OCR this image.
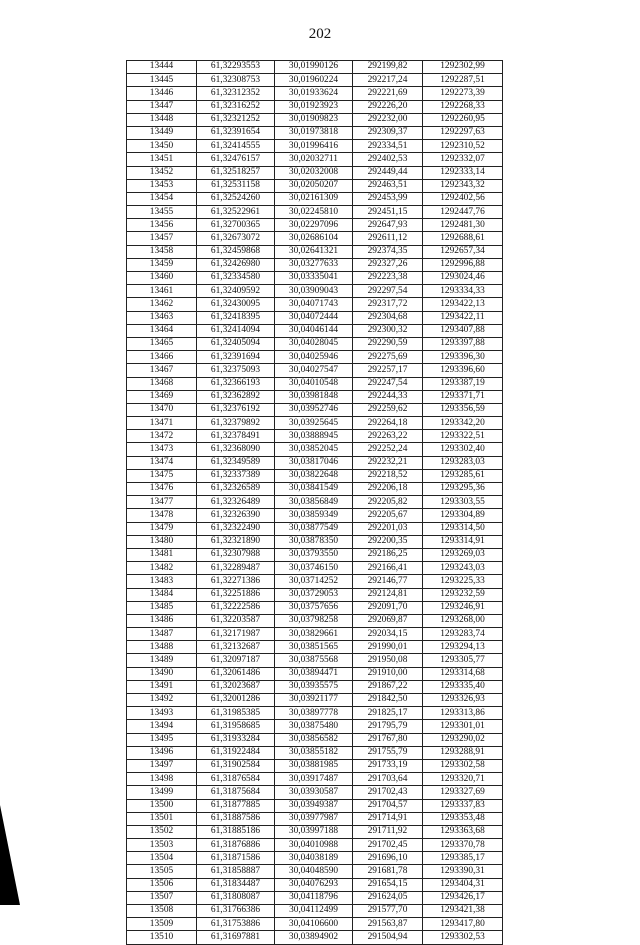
202
13444	61,32293553	30,01990126	292199,82	1292302,99
13445	61,32308753	30,01960224	292217,24	1292287,51
13446	61,32312352	30,01933624	292221,69	1292273,39
13447	61,32316252	30,01923923	292226,20	1292268,33
13448	61,32321252	30,01909823	292232,00	1292260,95
13449	61,32391654	30,01973818	292309,37	1292297,63
13450	61,32414555	30,01996416	292334,51	1292310,52
13451	61,32476157	30,02032711	292402,53	1292332,07
13452	61,32518257	30,02032008	292449,44	1292333,14
13453	61,32531158	30,02050207	292463,51	1292343,32
13454	61,32524260	30,02161309	292453,99	1292402,56
13455	61,32522961	30,02245810	292451,15	1292447,76
13456	61,32700365	30,02297096	292647,93	1292481,30
13457	61,32673072	30,02686104	292611,12	1292688,61
13458	61,32459868	30,02641321	292374,35	1292657,34
13459	61,32426980	30,03277633	292327,26	1292996,88
13460	61,32334580	30,03335041	292223,38	1293024,46
13461	61,32409592	30,03909043	292297,54	1293334,33
13462	61,32430095	30,04071743	292317,72	1293422,13
13463	61,32418395	30,04072444	292304,68	1293422,11
13464	61,32414094	30,04046144	292300,32	1293407,88
13465	61,32405094	30,04028045	292290,59	1293397,88
13466	61,32391694	30,04025946	292275,69	1293396,30
13467	61,32375093	30,04027547	292257,17	1293396,60
13468	61,32366193	30,04010548	292247,54	1293387,19
13469	61,32362892	30,03981848	292244,33	1293371,71
13470	61,32376192	30,03952746	292259,62	1293356,59
13471	61,32379892	30,03925645	292264,18	1293342,20
13472	61,32378491	30,03888945	292263,22	1293322,51
13473	61,32368090	30,03852045	292252,24	1293302,40
13474	61,32349589	30,03817046	292232,21	1293283,03
13475	61,32337389	30,03822648	292218,52	1293285,61
13476	61,32326589	30,03841549	292206,18	1293295,36
13477	61,32326489	30,03856849	292205,82	1293303,55
13478	61,32326390	30,03859349	292205,67	1293304,89
13479	61,32322490	30,03877549	292201,03	1293314,50
13480	61,32321890	30,03878350	292200,35	1293314,91
13481	61,32307988	30,03793550	292186,25	1293269,03
13482	61,32289487	30,03746150	292166,41	1293243,03
13483	61,32271386	30,03714252	292146,77	1293225,33
13484	61,32251886	30,03729053	292124,81	1293232,59
13485	61,32222586	30,03757656	292091,70	1293246,91
13486	61,32203587	30,03798258	292069,87	1293268,00
13487	61,32171987	30,03829661	292034,15	1293283,74
13488	61,32132687	30,03851565	291990,01	1293294,13
13489	61,32097187	30,03875568	291950,08	1293305,77
13490	61,32061486	30,03894471	291910,00	1293314,68
13491	61,32023687	30,03935575	291867,22	1293335,40
13492	61,32001286	30,03921177	291842,50	1293326,93
13493	61,31985385	30,03897778	291825,17	1293313,86
13494	61,31958685	30,03875480	291795,79	1293301,01
13495	61,31933284	30,03856582	291767,80	1293290,02
13496	61,31922484	30,03855182	291755,79	1293288,91
13497	61,31902584	30,03881985	291733,19	1293302,58
13498	61,31876584	30,03917487	291703,64	1293320,71
13499	61,31875684	30,03930587	291702,43	1293327,69
13500	61,31877885	30,03949387	291704,57	1293337,83
13501	61,31887586	30,03977987	291714,91	1293353,48
13502	61,31885186	30,03997188	291711,92	1293363,68
13503	61,31876886	30,04010988	291702,45	1293370,78
13504	61,31871586	30,04038189	291696,10	1293385,17
13505	61,31858887	30,04048590	291681,78	1293390,31
13506	61,31834487	30,04076293	291654,15	1293404,31
13507	61,31808087	30,04118796	291624,05	1293426,17
13508	61,31766386	30,04112499	291577,70	1293421,38
13509	61,31753886	30,04106600	291563,87	1293417,80
13510	61,31697881	30,03894902	291504,94	1293302,53
